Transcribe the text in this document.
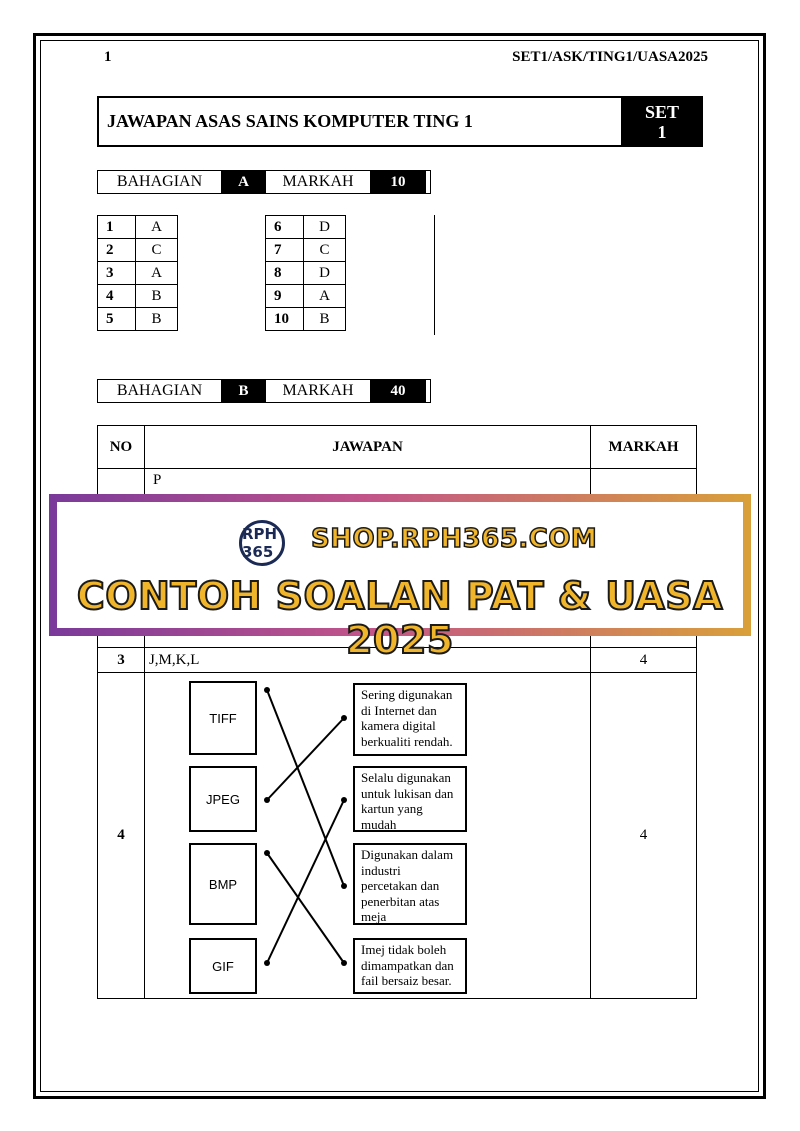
1	SET1/ASK/TING1/UASA2025
JAWAPAN ASAS SAINS KOMPUTER TING 1	SET
1
BAHAGIAN	A	MARKAH	10
1	A
2	C
3	A
4	B
5	B
6	D
7	C
8	D
9	A
10	B
BAHAGIAN	B	MARKAH	40
NO	JAWAPAN	MARKAH
	P	
3	J,M,K,L	4
4		4
TIFF
JPEG
BMP
GIF
Sering digunakan di Internet dan kamera digital berkualiti rendah.
Selalu digunakan untuk lukisan dan kartun yang mudah
Digunakan dalam industri percetakan dan penerbitan atas meja
Imej tidak boleh dimampatkan dan fail bersaiz besar.
RPH 365	SHOP.RPH365.COM
CONTOH SOALAN PAT & UASA 2025
